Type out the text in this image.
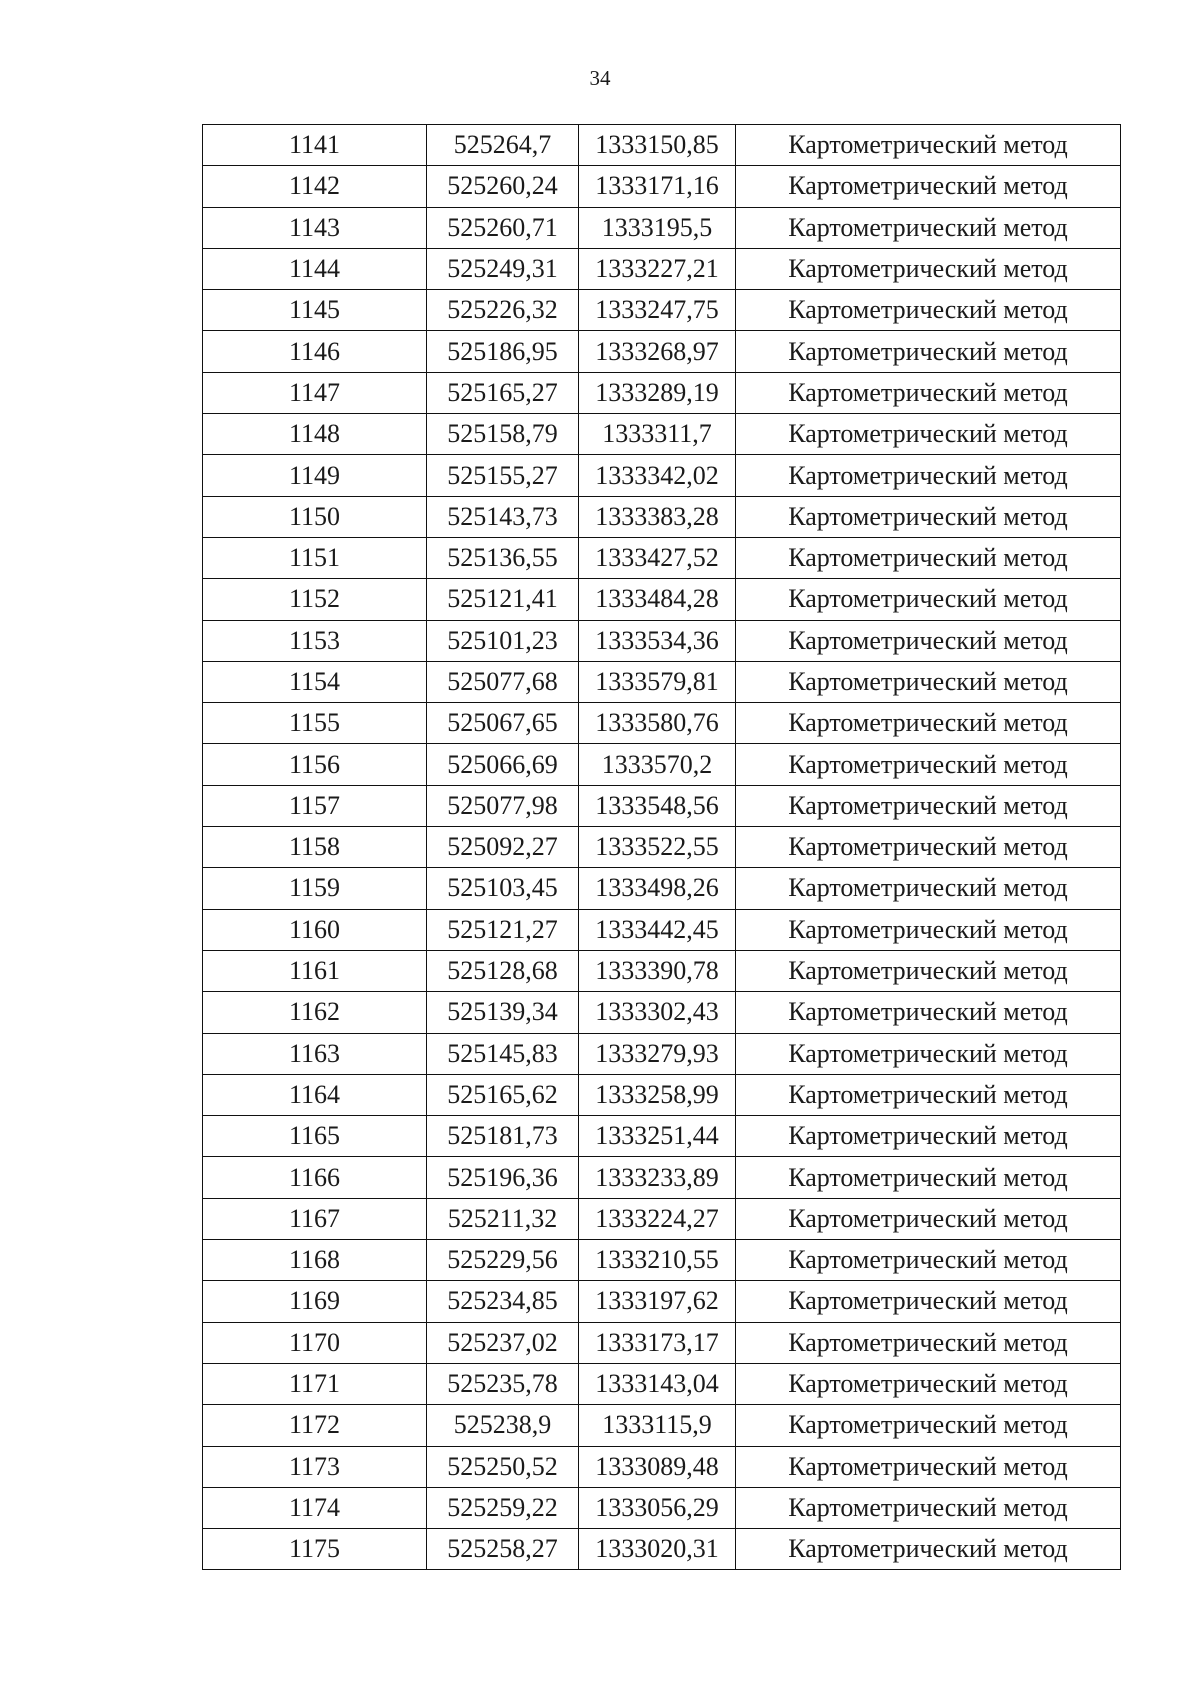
34
1141	525264,7	1333150,85	Картометрический метод
1142	525260,24	1333171,16	Картометрический метод
1143	525260,71	1333195,5	Картометрический метод
1144	525249,31	1333227,21	Картометрический метод
1145	525226,32	1333247,75	Картометрический метод
1146	525186,95	1333268,97	Картометрический метод
1147	525165,27	1333289,19	Картометрический метод
1148	525158,79	1333311,7	Картометрический метод
1149	525155,27	1333342,02	Картометрический метод
1150	525143,73	1333383,28	Картометрический метод
1151	525136,55	1333427,52	Картометрический метод
1152	525121,41	1333484,28	Картометрический метод
1153	525101,23	1333534,36	Картометрический метод
1154	525077,68	1333579,81	Картометрический метод
1155	525067,65	1333580,76	Картометрический метод
1156	525066,69	1333570,2	Картометрический метод
1157	525077,98	1333548,56	Картометрический метод
1158	525092,27	1333522,55	Картометрический метод
1159	525103,45	1333498,26	Картометрический метод
1160	525121,27	1333442,45	Картометрический метод
1161	525128,68	1333390,78	Картометрический метод
1162	525139,34	1333302,43	Картометрический метод
1163	525145,83	1333279,93	Картометрический метод
1164	525165,62	1333258,99	Картометрический метод
1165	525181,73	1333251,44	Картометрический метод
1166	525196,36	1333233,89	Картометрический метод
1167	525211,32	1333224,27	Картометрический метод
1168	525229,56	1333210,55	Картометрический метод
1169	525234,85	1333197,62	Картометрический метод
1170	525237,02	1333173,17	Картометрический метод
1171	525235,78	1333143,04	Картометрический метод
1172	525238,9	1333115,9	Картометрический метод
1173	525250,52	1333089,48	Картометрический метод
1174	525259,22	1333056,29	Картометрический метод
1175	525258,27	1333020,31	Картометрический метод
